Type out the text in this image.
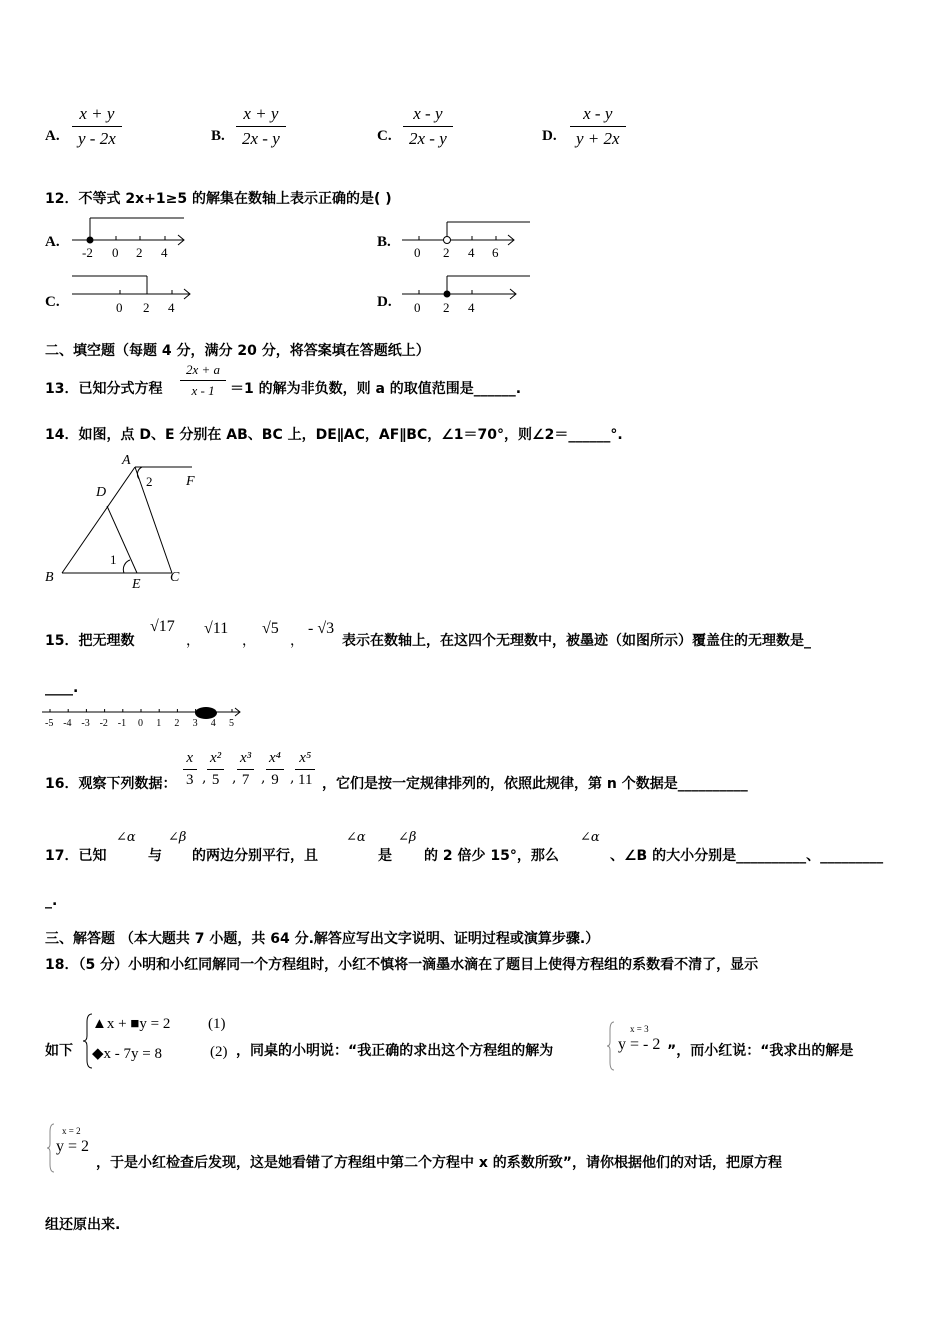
A.
x + y
y - 2x	B.
x + y
2x - y	C.
x - y
2x - y	D.
x - y
y + 2x
12．不等式 2x+1≥5 的解集在数轴上表示正确的是( )
A.
-2 0 2 4
B.
0 2 4 6
C.	0 2 4	D. 0 2 4
二、填空题（每题 4 分，满分 20 分，将答案填在答题纸上）
13．已知分式方程
2x + a
x - 1	＝1 的解为非负数，则 a 的取值范围是______.
14．如图，点 D、E 分别在 AB、BC 上，DE∥AC，AF∥BC，∠1＝70°，则∠2＝______°.
A
F
2
D
1
B	E C
15．把无理数
√17
，
√11
，
√5
，
- √3
表示在数轴上，在这四个无理数中，被墨迹（如图所示）覆盖住的无理数是_
____.
-5 -4 -3 -2 -1 0 1 2 3 4 5
16．观察下列数据：
x
3 ,
x²
5 ,
x³
7 ,
x⁴
9 ,
x⁵
11 ，它们是按一定规律排列的，依照此规律，第 n 个数据是__________
17．已知
∠α
与
∠β
的两边分别平行，且
∠α
是
∠β
的 2 倍少 15°，那么
∠α
、∠B 的大小分别是__________、_________
_.
三、解答题 （本大题共 7 小题，共 64 分.解答应写出文字说明、证明过程或演算步骤.）
18．（5 分）小明和小红同解同一个方程组时，小红不慎将一滴墨水滴在了题目上使得方程组的系数看不清了，显示
如下
▲x + ■y = 2	(1)
◆x - 7y = 8	(2) ，同桌的小明说：“我正确的求出这个方程组的解为
x = 3
y = - 2 ”，而小红说：“我求出的解是
x = 2
y = 2
，于是小红检查后发现，这是她看错了方程组中第二个方程中 x 的系数所致”，请你根据他们的对话，把原方程
组还原出来.
